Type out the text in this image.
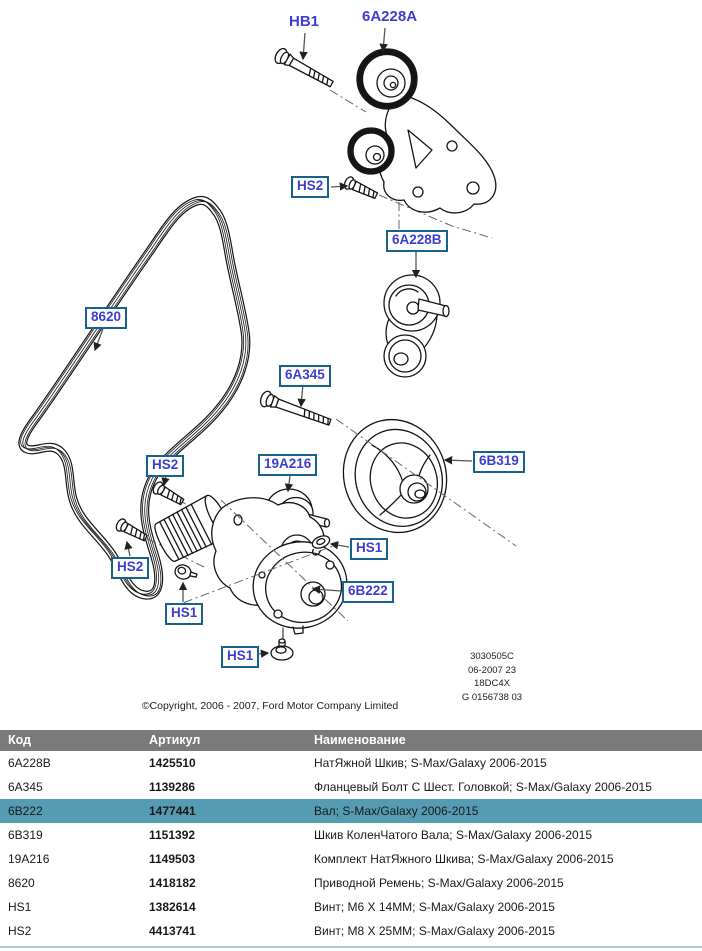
HB1	6A228A
HS2
6A228B
8620
6A345
HS2	19A216	6B319
HS2
HS1
6B222
HS1
HS1	3030505C
06-2007 23
18DC4X
G 0156738 03
©Copyright, 2006 - 2007, Ford Motor Company Limited
Код	Артикул	Наименование
6A228B	1425510	НатЯжной Шкив; S-Max/Galaxy 2006-2015
6A345	1139286	Фланцевый Болт С Шест. Головкой; S-Max/Galaxy 2006-2015
6B222	1477441	Вал; S-Max/Galaxy 2006-2015
6B319	1151392	Шкив КоленЧатого Вала; S-Max/Galaxy 2006-2015
19A216	1149503	Комплект НатЯжного Шкива; S-Max/Galaxy 2006-2015
8620	1418182	Приводной Ремень; S-Max/Galaxy 2006-2015
HS1	1382614	Винт; M6 X 14MM; S-Max/Galaxy 2006-2015
HS2	4413741	Винт; M8 X 25MM; S-Max/Galaxy 2006-2015
